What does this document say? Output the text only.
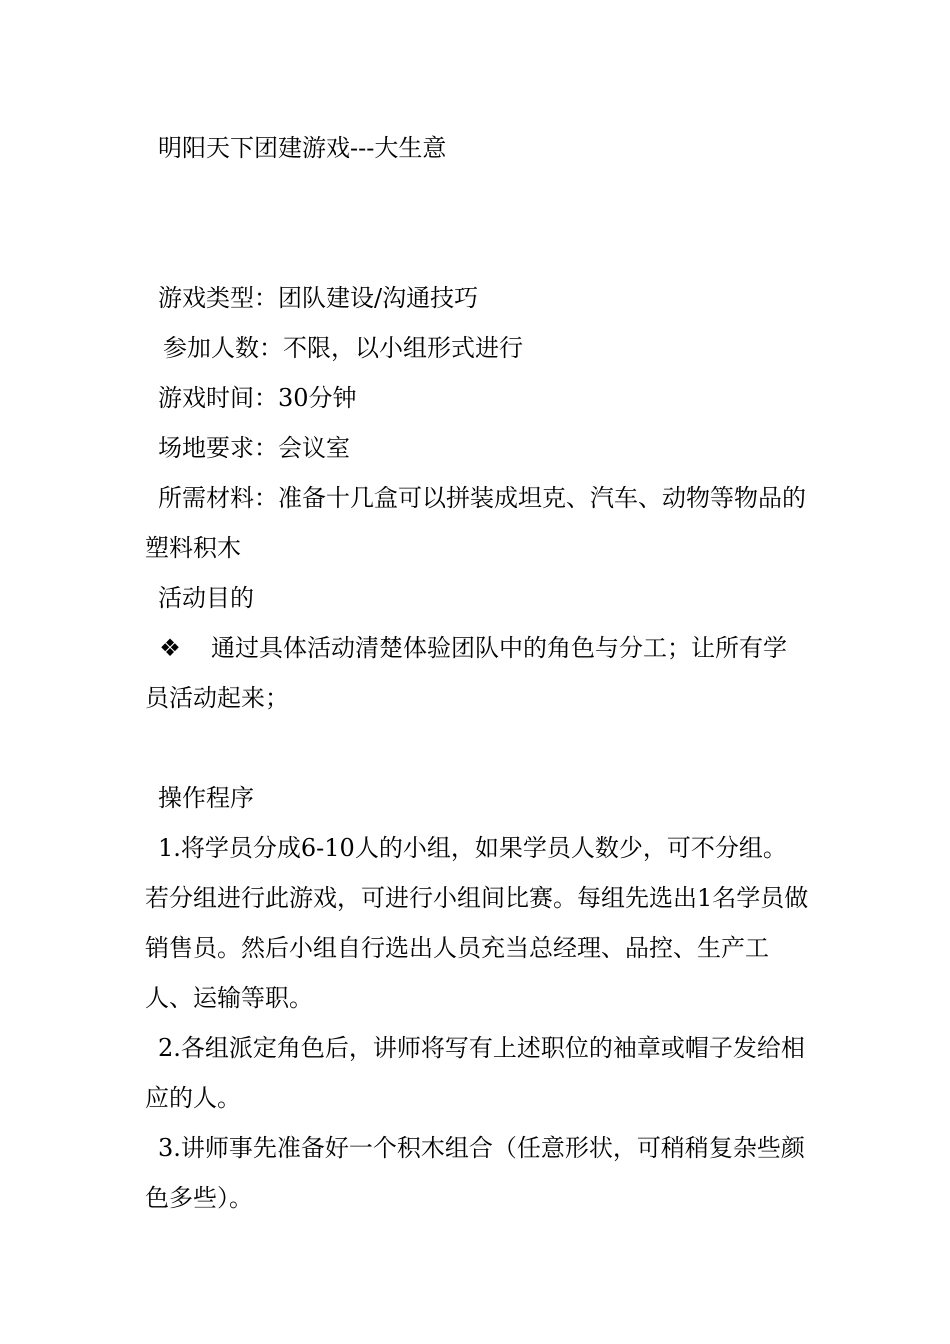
明阳天下团建游戏---大生意
游戏类型：团队建设/沟通技巧
参加人数：不限，以小组形式进行
游戏时间：30分钟
场地要求：会议室
所需材料：准备十几盒可以拼装成坦克、汽车、动物等物品的塑料积木
活动目的
❖ 通过具体活动清楚体验团队中的角色与分工；让所有学员活动起来；
操作程序
1.将学员分成6-10人的小组，如果学员人数少，可不分组。若分组进行此游戏，可进行小组间比赛。每组先选出1名学员做销售员。然后小组自行选出人员充当总经理、品控、生产工人、运输等职。
2.各组派定角色后，讲师将写有上述职位的袖章或帽子发给相应的人。
3.讲师事先准备好一个积木组合（任意形状，可稍稍复杂些颜色多些）。
